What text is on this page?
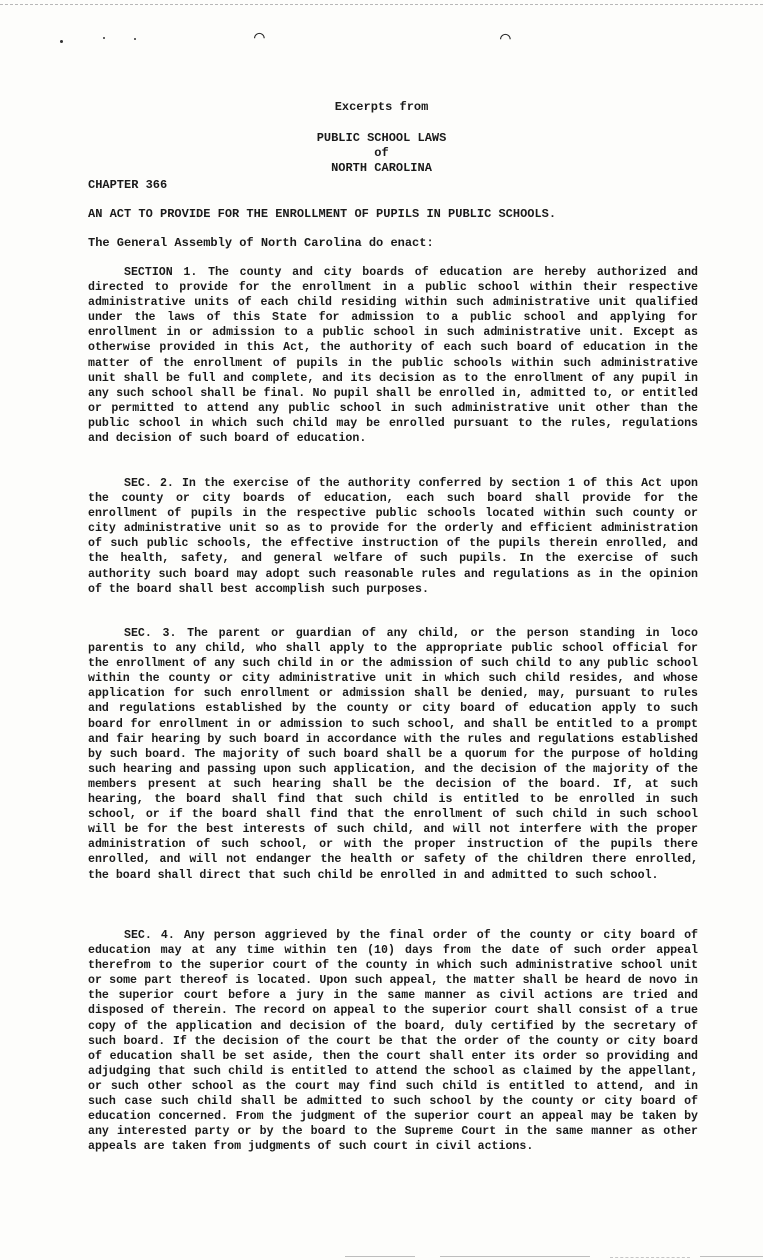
⌒	⌒
Excerpts from
PUBLIC SCHOOL LAWS
of
NORTH CAROLINA
CHAPTER 366
AN ACT TO PROVIDE FOR THE ENROLLMENT OF PUPILS IN PUBLIC SCHOOLS.
The General Assembly of North Carolina do enact:
SECTION 1. The county and city boards of education are hereby authorized and directed to provide for the enrollment in a public school within their respective administrative units of each child residing within such administrative unit qualified under the laws of this State for admission to a public school and applying for enrollment in or admission to a public school in such administrative unit. Except as otherwise provided in this Act, the authority of each such board of education in the matter of the enrollment of pupils in the public schools within such administrative unit shall be full and complete, and its decision as to the enrollment of any pupil in any such school shall be final. No pupil shall be enrolled in, admitted to, or entitled or permitted to attend any public school in such administrative unit other than the public school in which such child may be enrolled pursuant to the rules, regulations and decision of such board of education.
SEC. 2. In the exercise of the authority conferred by section 1 of this Act upon the county or city boards of education, each such board shall provide for the enrollment of pupils in the respective public schools located within such county or city administrative unit so as to provide for the orderly and efficient administration of such public schools, the effective instruction of the pupils therein enrolled, and the health, safety, and general welfare of such pupils. In the exercise of such authority such board may adopt such reasonable rules and regulations as in the opinion of the board shall best accomplish such purposes.
SEC. 3. The parent or guardian of any child, or the person standing in loco parentis to any child, who shall apply to the appropriate public school official for the enrollment of any such child in or the admission of such child to any public school within the county or city administrative unit in which such child resides, and whose application for such enrollment or admission shall be denied, may, pursuant to rules and regulations established by the county or city board of education apply to such board for enrollment in or admission to such school, and shall be entitled to a prompt and fair hearing by such board in accordance with the rules and regulations established by such board. The majority of such board shall be a quorum for the purpose of holding such hearing and passing upon such application, and the decision of the majority of the members present at such hearing shall be the decision of the board. If, at such hearing, the board shall find that such child is entitled to be enrolled in such school, or if the board shall find that the enrollment of such child in such school will be for the best interests of such child, and will not interfere with the proper administration of such school, or with the proper instruction of the pupils there enrolled, and will not endanger the health or safety of the children there enrolled, the board shall direct that such child be enrolled in and admitted to such school.
SEC. 4. Any person aggrieved by the final order of the county or city board of education may at any time within ten (10) days from the date of such order appeal therefrom to the superior court of the county in which such administrative school unit or some part thereof is located. Upon such appeal, the matter shall be heard de novo in the superior court before a jury in the same manner as civil actions are tried and disposed of therein. The record on appeal to the superior court shall consist of a true copy of the application and decision of the board, duly certified by the secretary of such board. If the decision of the court be that the order of the county or city board of education shall be set aside, then the court shall enter its order so providing and adjudging that such child is entitled to attend the school as claimed by the appellant, or such other school as the court may find such child is entitled to attend, and in such case such child shall be admitted to such school by the county or city board of education concerned. From the judgment of the superior court an appeal may be taken by any interested party or by the board to the Supreme Court in the same manner as other appeals are taken from judgments of such court in civil actions.
